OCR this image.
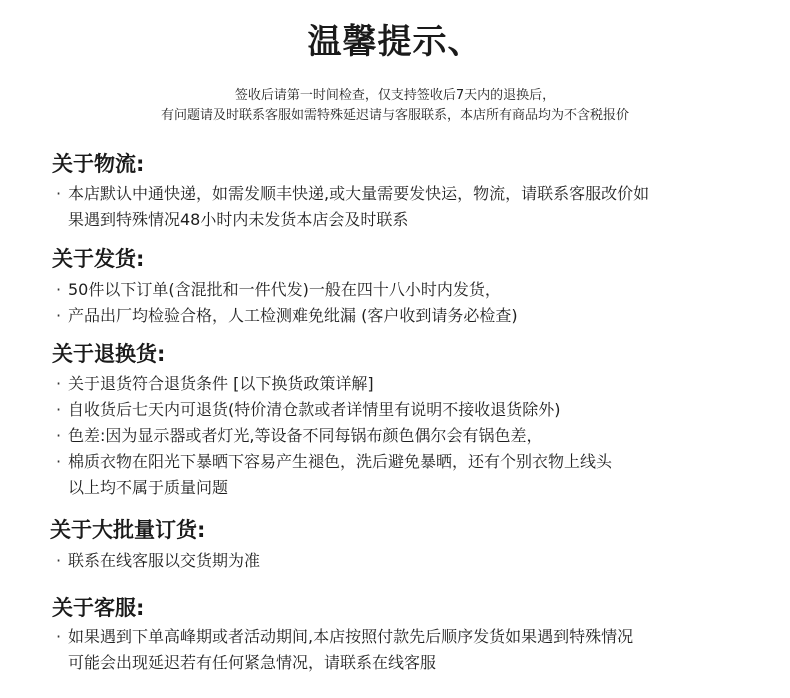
温馨提示、
签收后请第一时间检查，仅支持签收后7天内的退换后，
有问题请及时联系客服如需特殊延迟请与客服联系，本店所有商品均为不含税报价
关于物流:
· 本店默认中通快递，如需发顺丰快递,或大量需要发快运，物流，请联系客服改价如
果遇到特殊情况48小时内未发货本店会及时联系
关于发货:
· 50件以下订单(含混批和一件代发)一般在四十八小时内发货，
· 产品出厂均检验合格，人工检测难免纰漏 (客户收到请务必检查)
关于退换货:
· 关于退货符合退货条件 [以下换货政策详解]
· 自收货后七天内可退货(特价清仓款或者详情里有说明不接收退货除外)
· 色差:因为显示器或者灯光,等设备不同每锅布颜色偶尔会有锅色差，
· 棉质衣物在阳光下暴晒下容易产生褪色，洗后避免暴晒，还有个别衣物上线头
以上均不属于质量问题
关于大批量订货:
· 联系在线客服以交货期为准
关于客服:
· 如果遇到下单高峰期或者活动期间,本店按照付款先后顺序发货如果遇到特殊情况
可能会出现延迟若有任何紧急情况，请联系在线客服
